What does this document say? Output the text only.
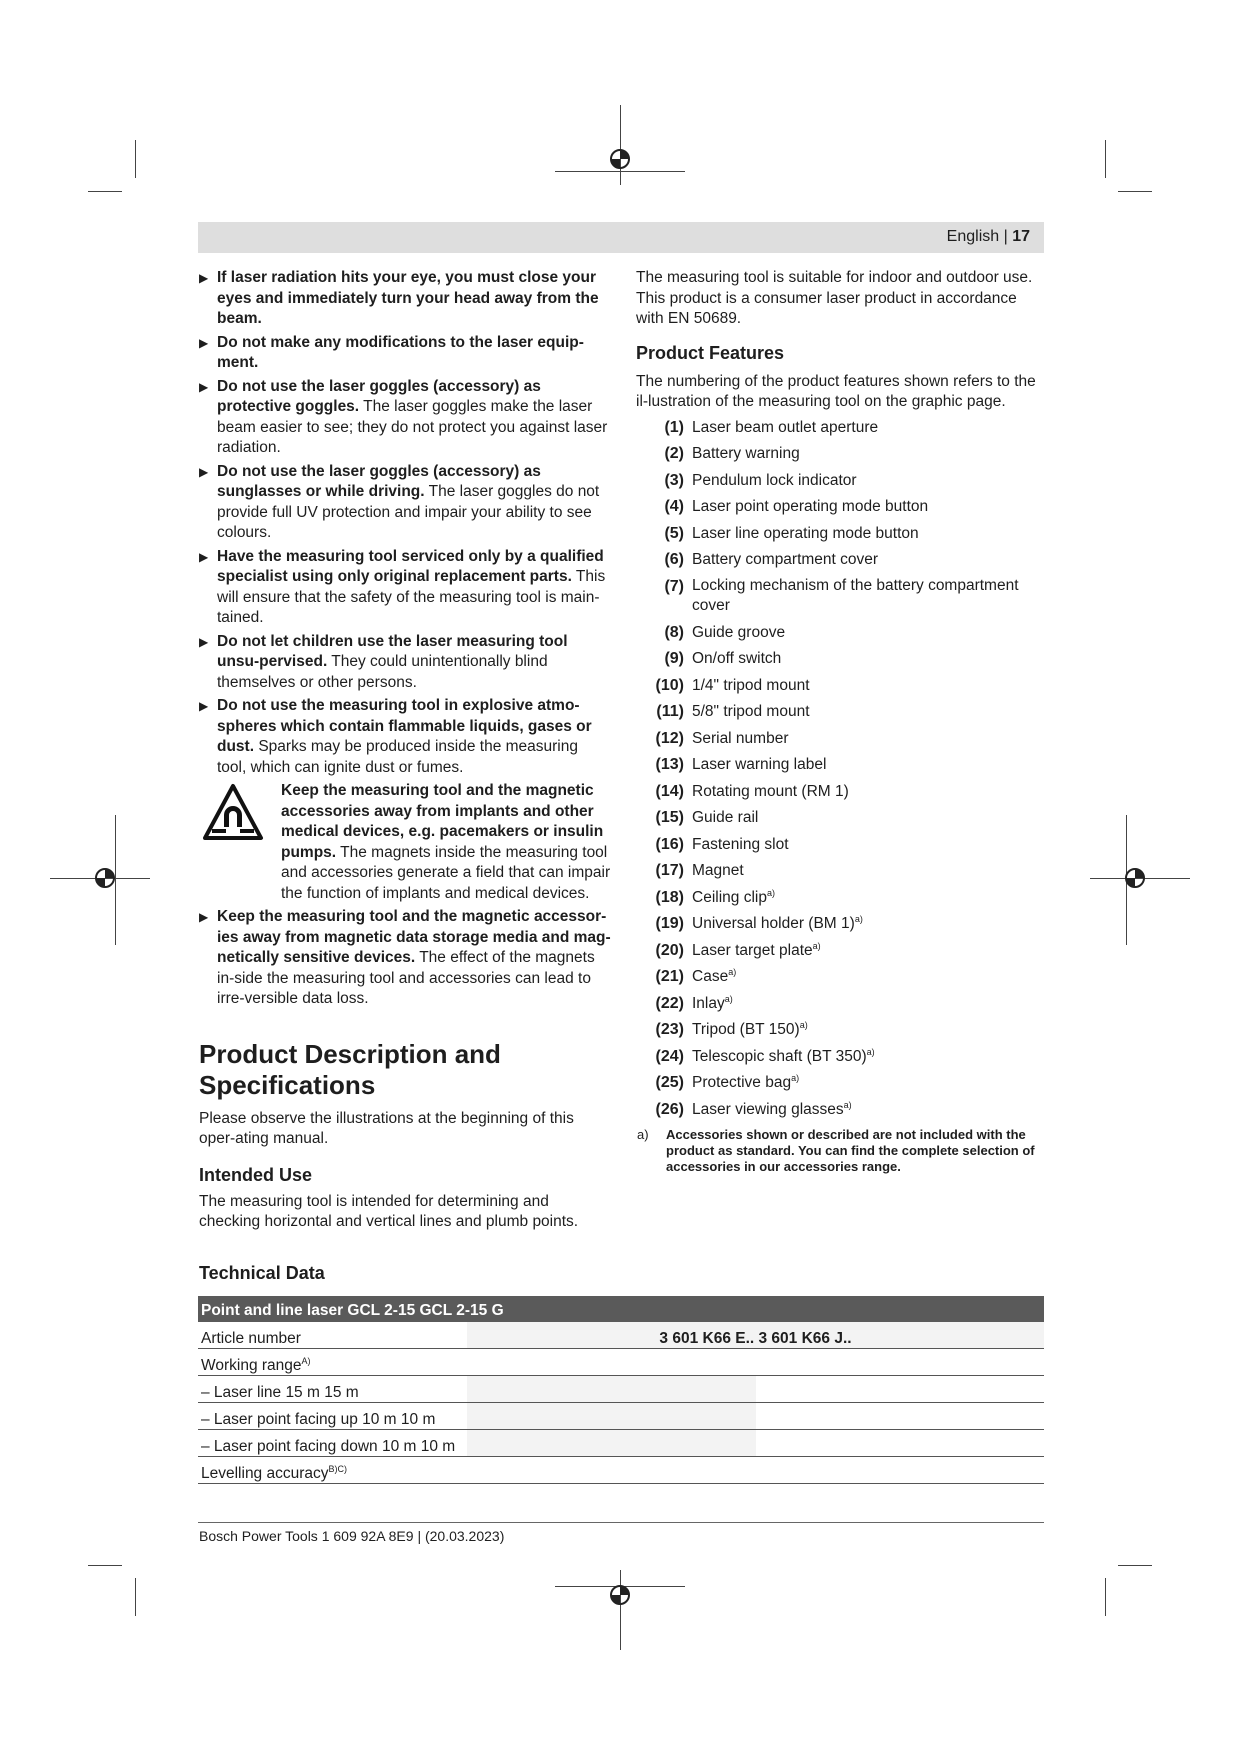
English | 17
▶ If laser radiation hits your eye, you must close your eyes and immediately turn your head away from the beam.
▶ Do not make any modifications to the laser equip-ment.
▶ Do not use the laser goggles (accessory) as protective goggles. The laser goggles make the laser beam easier to see; they do not protect you against laser radiation.
▶ Do not use the laser goggles (accessory) as sunglasses or while driving. The laser goggles do not provide full UV protection and impair your ability to see colours.
▶ Have the measuring tool serviced only by a qualified specialist using only original replacement parts. This will ensure that the safety of the measuring tool is main-tained.
▶ Do not let children use the laser measuring tool unsu-pervised. They could unintentionally blind themselves or other persons.
▶ Do not use the measuring tool in explosive atmo-spheres which contain flammable liquids, gases or dust. Sparks may be produced inside the measuring tool, which can ignite dust or fumes.
Keep the measuring tool and the magnetic accessories away from implants and other medical devices, e.g. pacemakers or insulin pumps. The magnets inside the measuring tool and accessories generate a field that can impair the function of implants and medical devices.
▶ Keep the measuring tool and the magnetic accessor-ies away from magnetic data storage media and mag-netically sensitive devices. The effect of the magnets in-side the measuring tool and accessories can lead to irre-versible data loss.
Product Description and
Specifications
Please observe the illustrations at the beginning of this oper-ating manual.
Intended Use
The measuring tool is intended for determining and checking horizontal and vertical lines and plumb points.
The measuring tool is suitable for indoor and outdoor use. This product is a consumer laser product in accordance with EN 50689.
Product Features
The numbering of the product features shown refers to the il-lustration of the measuring tool on the graphic page.
(1) Laser beam outlet aperture
(2) Battery warning
(3) Pendulum lock indicator
(4) Laser point operating mode button
(5) Laser line operating mode button
(6) Battery compartment cover
(7) Locking mechanism of the battery compartment cover
(8) Guide groove
(9) On/off switch
(10) 1/4" tripod mount
(11) 5/8" tripod mount
(12) Serial number
(13) Laser warning label
(14) Rotating mount (RM 1)
(15) Guide rail
(16) Fastening slot
(17) Magnet
(18) Ceiling clip$^{a)}$
(19) Universal holder (BM 1)$^{a)}$
(20) Laser target plate$^{a)}$
(21) Case$^{a)}$
(22) Inlay$^{a)}$
(23) Tripod (BT 150)$^{a)}$
(24) Telescopic shaft (BT 350)$^{a)}$
(25) Protective bag$^{a)}$
(26) Laser viewing glasses$^{a)}$
a) Accessories shown or described are not included with the product as standard. You can find the complete selection of accessories in our accessories range.
Technical Data
Point and line laser GCL 2-15 GCL 2-15 G
Article number	3 601 K66 E.. 3 601 K66 J..	
Working range$^{A)}$		
– Laser line 15 m 15 m		
– Laser point facing up 10 m 10 m		
– Laser point facing down 10 m 10 m		
Levelling accuracy$^{B)C)}$		
Bosch Power Tools 1 609 92A 8E9 | (20.03.2023)
